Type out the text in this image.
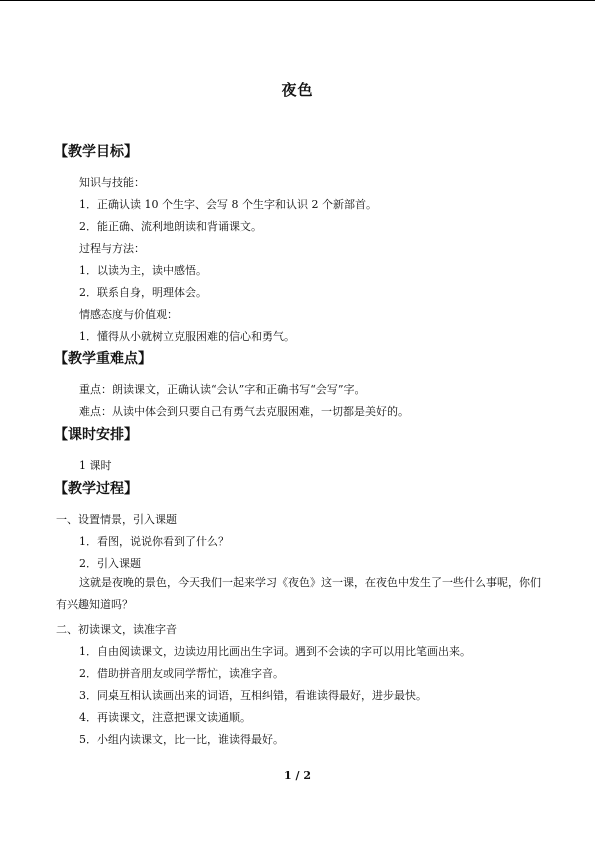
夜色
【教学目标】
知识与技能：
1．正确认读 10 个生字、会写 8 个生字和认识 2 个新部首。
2．能正确、流利地朗读和背诵课文。
过程与方法：
1．以读为主，读中感悟。
2．联系自身，明理体会。
情感态度与价值观：
1．懂得从小就树立克服困难的信心和勇气。
【教学重难点】
重点：朗读课文，正确认读“会认”字和正确书写“会写”字。
难点：从读中体会到只要自己有勇气去克服困难，一切都是美好的。
【课时安排】
1 课时
【教学过程】
一、设置情景，引入课题
1．看图，说说你看到了什么？
2．引入课题
这就是夜晚的景色，今天我们一起来学习《夜色》这一课，在夜色中发生了一些什么事呢，你们有兴趣知道吗？
二、初读课文，读准字音
1．自由阅读课文，边读边用比画出生字词。遇到不会读的字可以用比笔画出来。
2．借助拼音朋友或同学帮忙，读准字音。
3．同桌互相认读画出来的词语，互相纠错，看谁读得最好，进步最快。
4．再读课文，注意把课文读通顺。
5．小组内读课文，比一比，谁读得最好。
1 / 2
